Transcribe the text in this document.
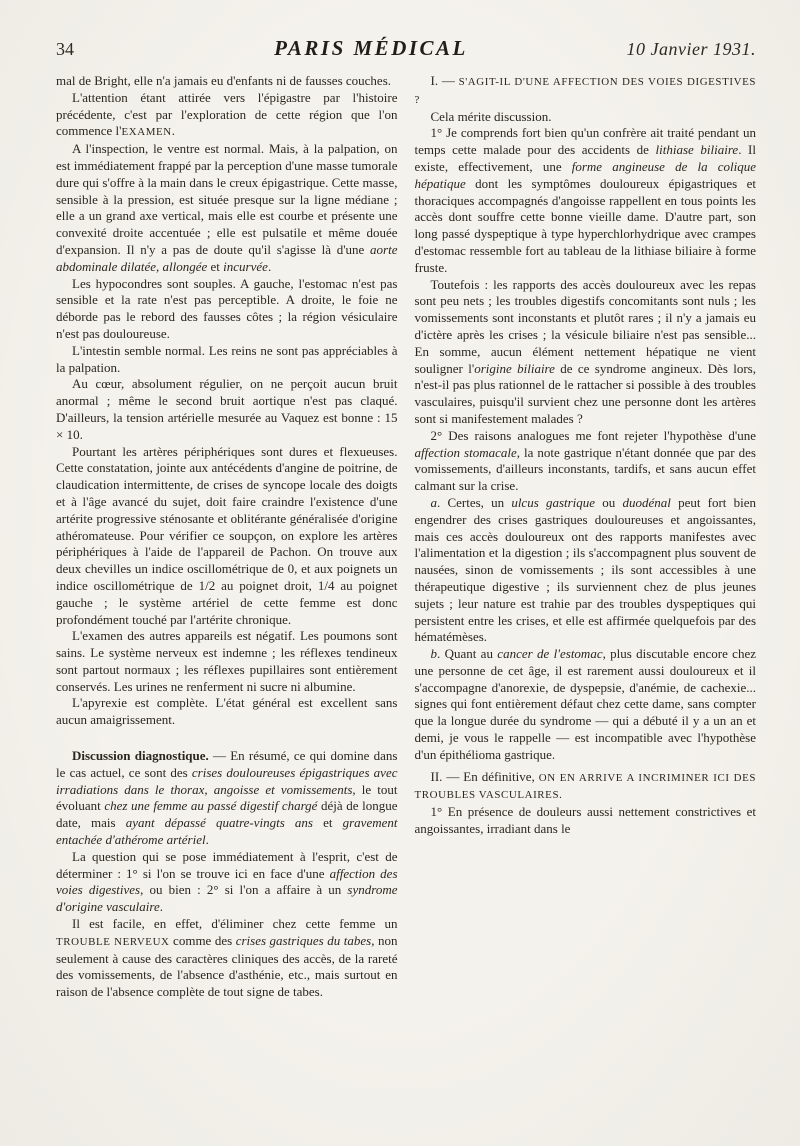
34	PARIS MÉDICAL	10 Janvier 1931.

mal de Bright, elle n'a jamais eu d'enfants ni de fausses couches.

L'attention étant attirée vers l'épigastre par l'histoire précédente, c'est par l'exploration de cette région que l'on commence l'EXAMEN.

A l'inspection, le ventre est normal. Mais, à la palpation, on est immédiatement frappé par la perception d'une masse tumorale dure qui s'offre à la main dans le creux épigastrique. Cette masse, sensible à la pression, est située presque sur la ligne médiane ; elle a un grand axe vertical, mais elle est courbe et présente une convexité droite accentuée ; elle est pulsatile et même douée d'expansion. Il n'y a pas de doute qu'il s'agisse là d'une aorte abdominale dilatée, allongée et incurvée.

Les hypocondres sont souples. A gauche, l'estomac n'est pas sensible et la rate n'est pas perceptible. A droite, le foie ne déborde pas le rebord des fausses côtes ; la région vésiculaire n'est pas douloureuse.

L'intestin semble normal. Les reins ne sont pas appréciables à la palpation.

Au cœur, absolument régulier, on ne perçoit aucun bruit anormal ; même le second bruit aortique n'est pas claqué. D'ailleurs, la tension artérielle mesurée au Vaquez est bonne : 15 × 10.

Pourtant les artères périphériques sont dures et flexueuses. Cette constatation, jointe aux antécédents d'angine de poitrine, de claudication intermittente, de crises de syncope locale des doigts et à l'âge avancé du sujet, doit faire craindre l'existence d'une artérite progressive sténosante et oblitérante généralisée d'origine athéromateuse. Pour vérifier ce soupçon, on explore les artères périphériques à l'aide de l'appareil de Pachon. On trouve aux deux chevilles un indice oscillométrique de 0, et aux poignets un indice oscillométrique de 1/2 au poignet droit, 1/4 au poignet gauche ; le système artériel de cette femme est donc profondément touché par l'artérite chronique.

L'examen des autres appareils est négatif. Les poumons sont sains. Le système nerveux est indemne ; les réflexes tendineux sont partout normaux ; les réflexes pupillaires sont entièrement conservés. Les urines ne renferment ni sucre ni albumine.

L'apyrexie est complète. L'état général est excellent sans aucun amaigrissement.

Discussion diagnostique. — En résumé, ce qui domine dans le cas actuel, ce sont des crises douloureuses épigastriques avec irradiations dans le thorax, angoisse et vomissements, le tout évoluant chez une femme au passé digestif chargé déjà de longue date, mais ayant dépassé quatre-vingts ans et gravement entachée d'athérome artériel.

La question qui se pose immédiatement à l'esprit, c'est de déterminer : 1° si l'on se trouve ici en face d'une affection des voies digestives, ou bien : 2° si l'on a affaire à un syndrome d'origine vasculaire.

Il est facile, en effet, d'éliminer chez cette femme un TROUBLE NERVEUX comme des crises gastriques du tabes, non seulement à cause des caractères cliniques des accès, de la rareté des vomissements, de l'absence d'asthénie, etc., mais surtout en raison de l'absence complète de tout signe de tabes.

I. — S'AGIT-IL D'UNE AFFECTION DES VOIES DIGESTIVES ?

Cela mérite discussion.

1° Je comprends fort bien qu'un confrère ait traité pendant un temps cette malade pour des accidents de lithiase biliaire. Il existe, effectivement, une forme angineuse de la colique hépatique dont les symptômes douloureux épigastriques et thoraciques accompagnés d'angoisse rappellent en tous points les accès dont souffre cette bonne vieille dame. D'autre part, son long passé dyspeptique à type hyperchlorhydrique avec crampes d'estomac ressemble fort au tableau de la lithiase biliaire à forme fruste.

Toutefois : les rapports des accès douloureux avec les repas sont peu nets ; les troubles digestifs concomitants sont nuls ; les vomissements sont inconstants et plutôt rares ; il n'y a jamais eu d'ictère après les crises ; la vésicule biliaire n'est pas sensible... En somme, aucun élément nettement hépatique ne vient souligner l'origine biliaire de ce syndrome angineux. Dès lors, n'est-il pas plus rationnel de le rattacher si possible à des troubles vasculaires, puisqu'il survient chez une personne dont les artères sont si manifestement malades ?

2° Des raisons analogues me font rejeter l'hypothèse d'une affection stomacale, la note gastrique n'étant donnée que par des vomissements, d'ailleurs inconstants, tardifs, et sans aucun effet calmant sur la crise.

a. Certes, un ulcus gastrique ou duodénal peut fort bien engendrer des crises gastriques douloureuses et angoissantes, mais ces accès douloureux ont des rapports manifestes avec l'alimentation et la digestion ; ils s'accompagnent plus souvent de nausées, sinon de vomissements ; ils sont accessibles à une thérapeutique digestive ; ils surviennent chez de plus jeunes sujets ; leur nature est trahie par des troubles dyspeptiques qui persistent entre les crises, et elle est affirmée quelquefois par des hématémèses.

b. Quant au cancer de l'estomac, plus discutable encore chez une personne de cet âge, il est rarement aussi douloureux et il s'accompagne d'anorexie, de dyspepsie, d'anémie, de cachexie... signes qui font entièrement défaut chez cette dame, sans compter que la longue durée du syndrome — qui a débuté il y a un an et demi, je vous le rappelle — est incompatible avec l'hypothèse d'un épithélioma gastrique.

II. — En définitive, ON EN ARRIVE A INCRIMINER ICI DES TROUBLES VASCULAIRES.

1° En présence de douleurs aussi nettement constrictives et angoissantes, irradiant dans le
